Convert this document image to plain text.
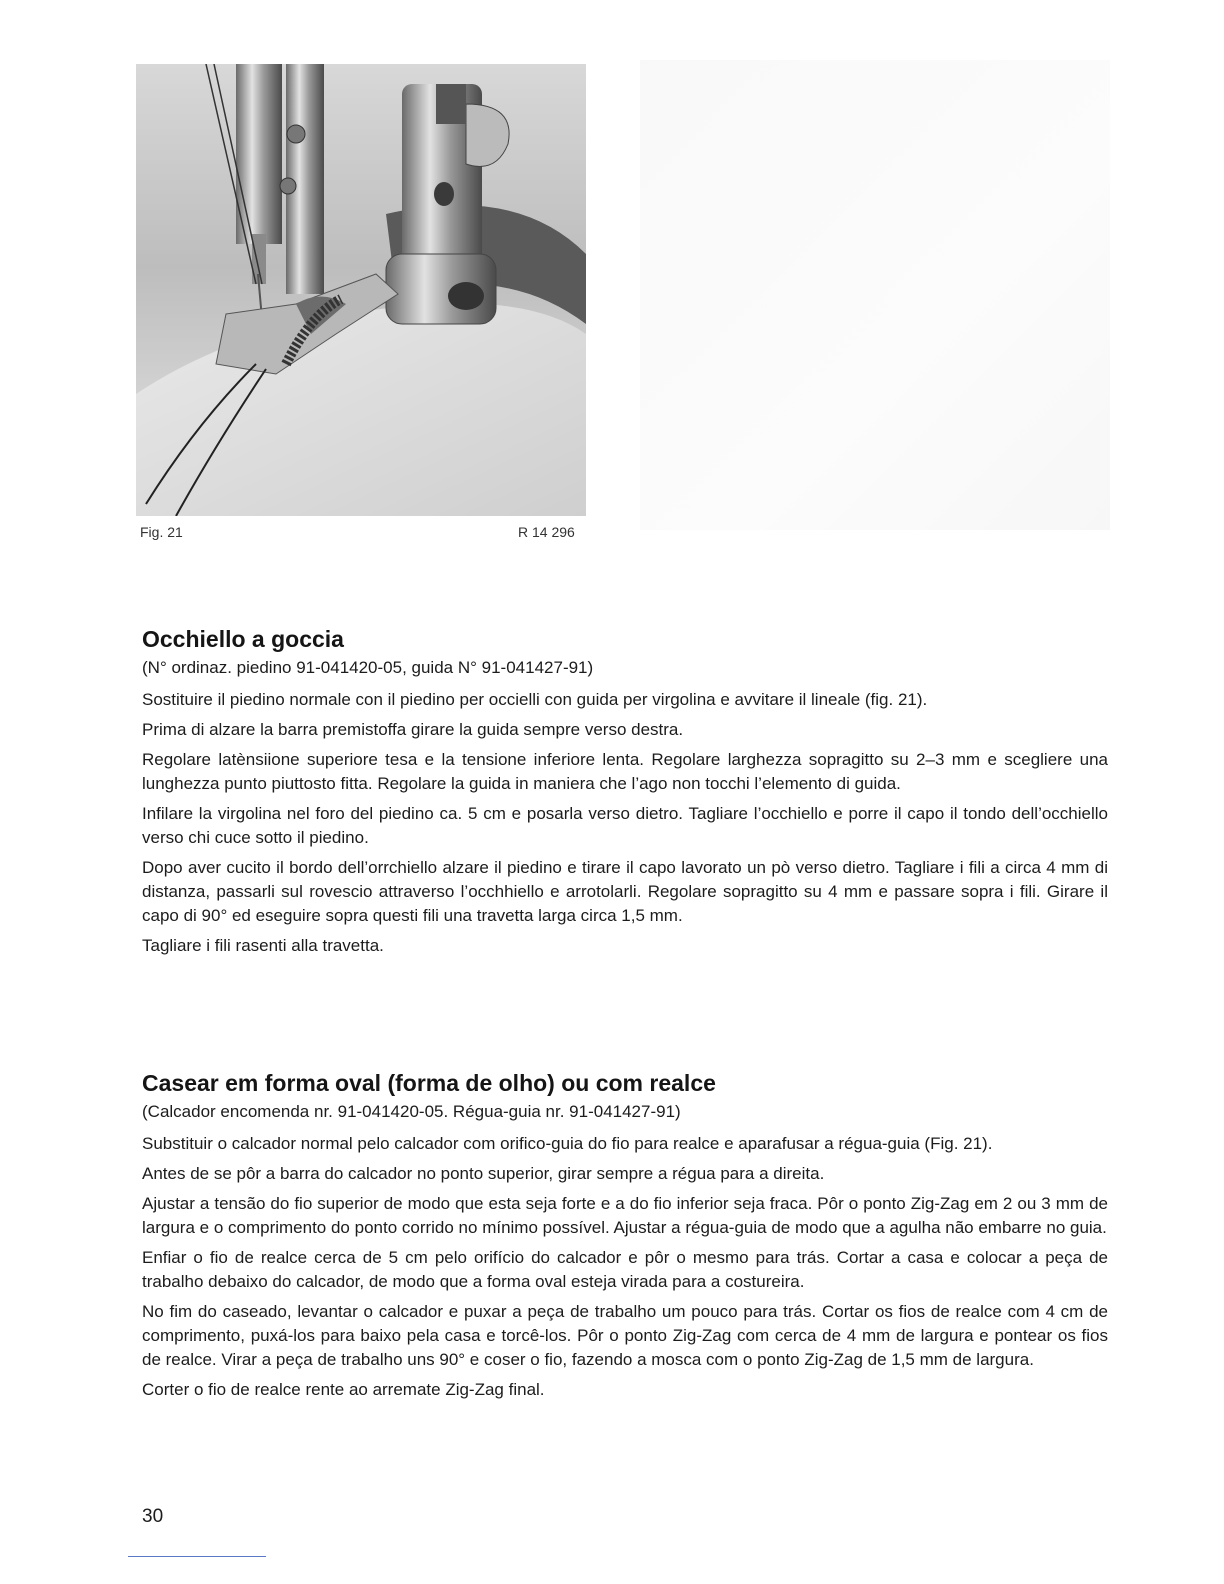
Fig. 21	R 14 296
Occhiello a goccia
(N° ordinaz. piedino 91-041420-05, guida N° 91-041427-91)

Sostituire il piedino normale con il piedino per occielli con guida per virgolina e avvitare il lineale (fig. 21).

Prima di alzare la barra premistoffa girare la guida sempre verso destra.

Regolare latènsiione superiore tesa e la tensione inferiore lenta. Regolare larghezza sopragitto su 2–3 mm e scegliere una lunghezza punto piuttosto fitta. Regolare la guida in maniera che l’ago non tocchi l’elemento di guida.

Infilare la virgolina nel foro del piedino ca. 5 cm e posarla verso dietro. Tagliare l’occhiello e porre il capo il tondo dell’occhiello verso chi cuce sotto il piedino.

Dopo aver cucito il bordo dell’orrchiello alzare il piedino e tirare il capo lavorato un pò verso dietro. Tagliare i fili a circa 4 mm di distanza, passarli sul rovescio attraverso l’occhhiello e arrotolarli. Regolare sopragitto su 4 mm e passare sopra i fili. Girare il capo di 90° ed eseguire sopra questi fili una travetta larga circa 1,5 mm.

Tagliare i fili rasenti alla travetta.

Casear em forma oval (forma de olho) ou com realce
(Calcador encomenda nr. 91-041420-05. Régua-guia nr. 91-041427-91)

Substituir o calcador normal pelo calcador com orifico-guia do fio para realce e aparafusar a régua-guia (Fig. 21).

Antes de se pôr a barra do calcador no ponto superior, girar sempre a régua para a direita.

Ajustar a tensão do fio superior de modo que esta seja forte e a do fio inferior seja fraca. Pôr o ponto Zig-Zag em 2 ou 3 mm de largura e o comprimento do ponto corrido no mínimo possível. Ajustar a régua-guia de modo que a agulha não embarre no guia.

Enfiar o fio de realce cerca de 5 cm pelo orifício do calcador e pôr o mesmo para trás. Cortar a casa e colocar a peça de trabalho debaixo do calcador, de modo que a forma oval esteja virada para a costureira.

No fim do caseado, levantar o calcador e puxar a peça de trabalho um pouco para trás. Cortar os fios de realce com 4 cm de comprimento, puxá-los para baixo pela casa e torcê-los. Pôr o ponto Zig-Zag com cerca de 4 mm de largura e pontear os fios de realce. Virar a peça de trabalho uns 90° e coser o fio, fazendo a mosca com o ponto Zig-Zag de 1,5 mm de largura.

Corter o fio de realce rente ao arremate Zig-Zag final.

30
